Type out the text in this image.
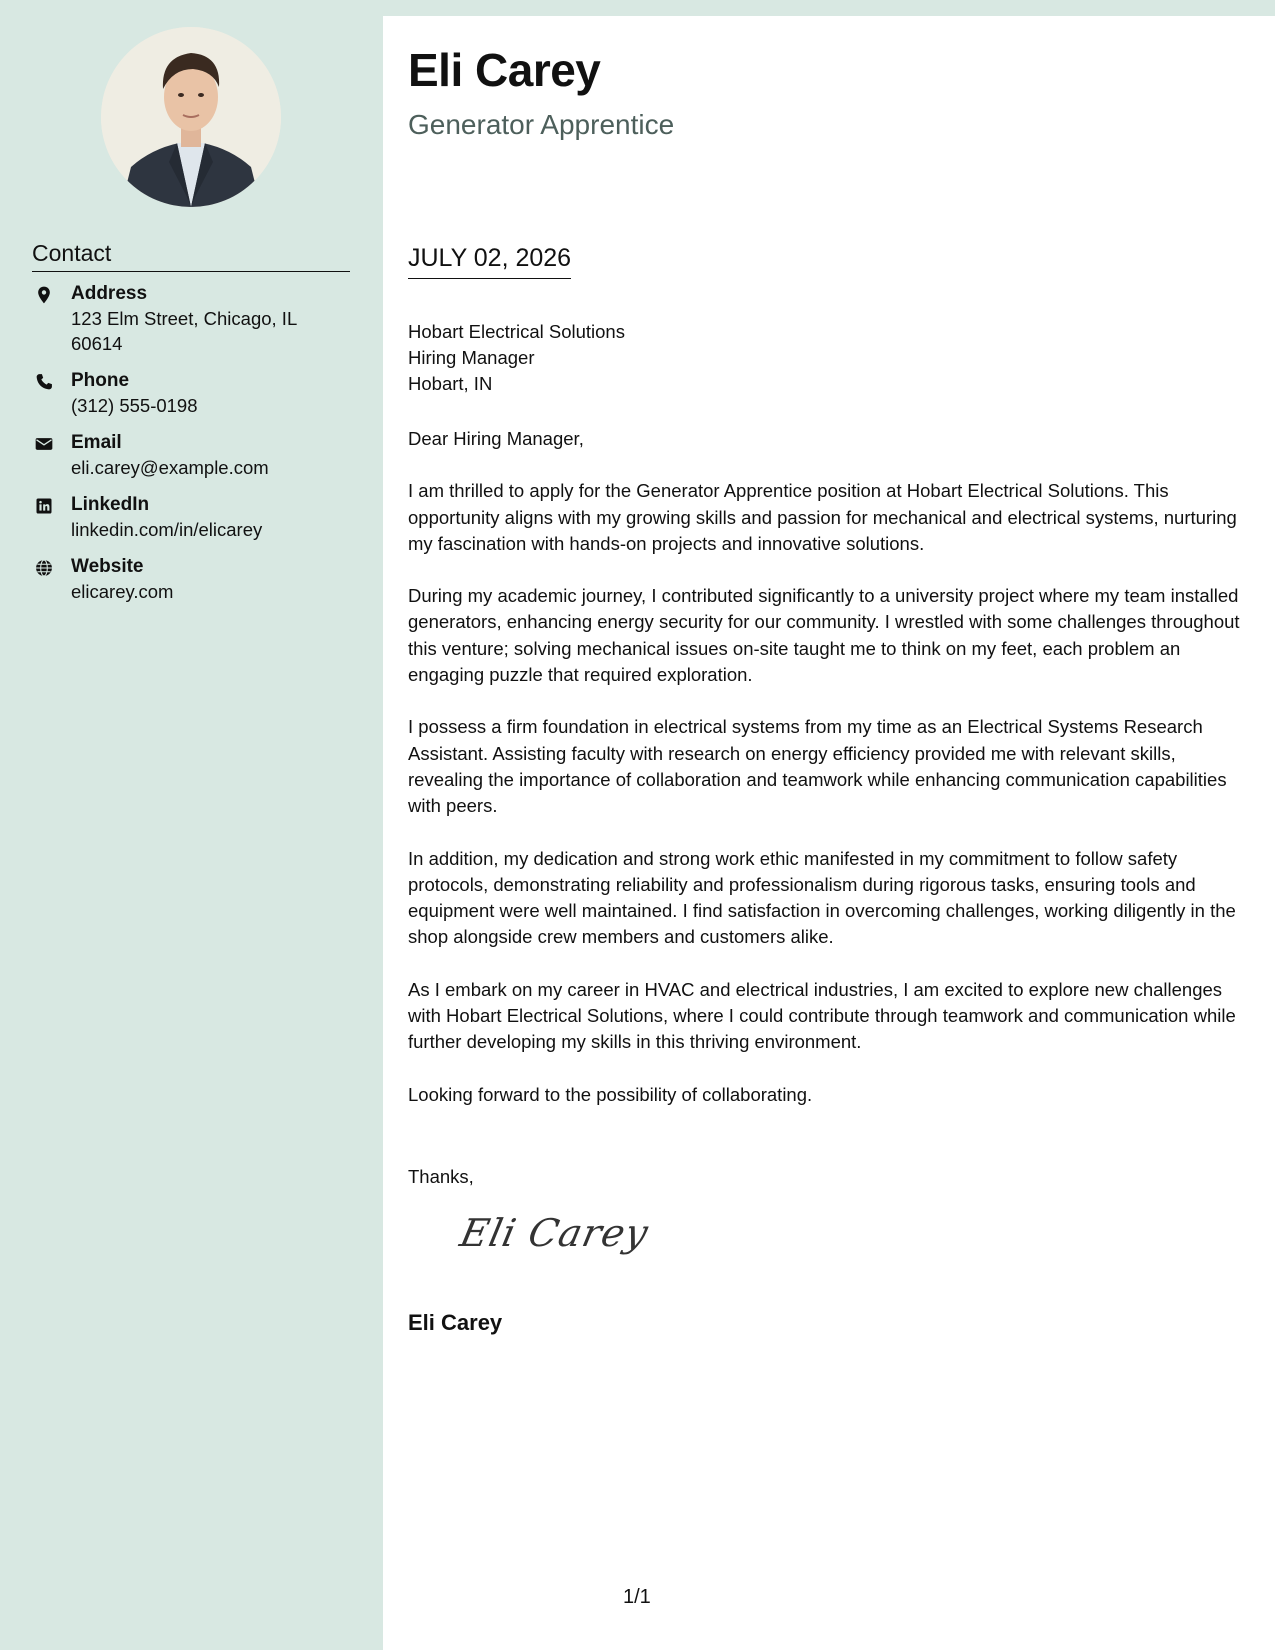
Contact
Address
123 Elm Street, Chicago, IL 60614
Phone
(312) 555-0198
Email
eli.carey@example.com
LinkedIn
linkedin.com/in/elicarey
Website
elicarey.com
Eli Carey
Generator Apprentice
JULY 02, 2026
Hobart Electrical Solutions
Hiring Manager
Hobart, IN

Dear Hiring Manager,

I am thrilled to apply for the Generator Apprentice position at Hobart Electrical Solutions. This opportunity aligns with my growing skills and passion for mechanical and electrical systems, nurturing my fascination with hands-on projects and innovative solutions.

During my academic journey, I contributed significantly to a university project where my team installed generators, enhancing energy security for our community. I wrestled with some challenges throughout this venture; solving mechanical issues on-site taught me to think on my feet, each problem an engaging puzzle that required exploration.

I possess a firm foundation in electrical systems from my time as an Electrical Systems Research Assistant. Assisting faculty with research on energy efficiency provided me with relevant skills, revealing the importance of collaboration and teamwork while enhancing communication capabilities with peers.

In addition, my dedication and strong work ethic manifested in my commitment to follow safety protocols, demonstrating reliability and professionalism during rigorous tasks, ensuring tools and equipment were well maintained. I find satisfaction in overcoming challenges, working diligently in the shop alongside crew members and customers alike.

As I embark on my career in HVAC and electrical industries, I am excited to explore new challenges with Hobart Electrical Solutions, where I could contribute through teamwork and communication while further developing my skills in this thriving environment.

Looking forward to the possibility of collaborating.

Thanks,
Eli Carey
Eli Carey
1/1
